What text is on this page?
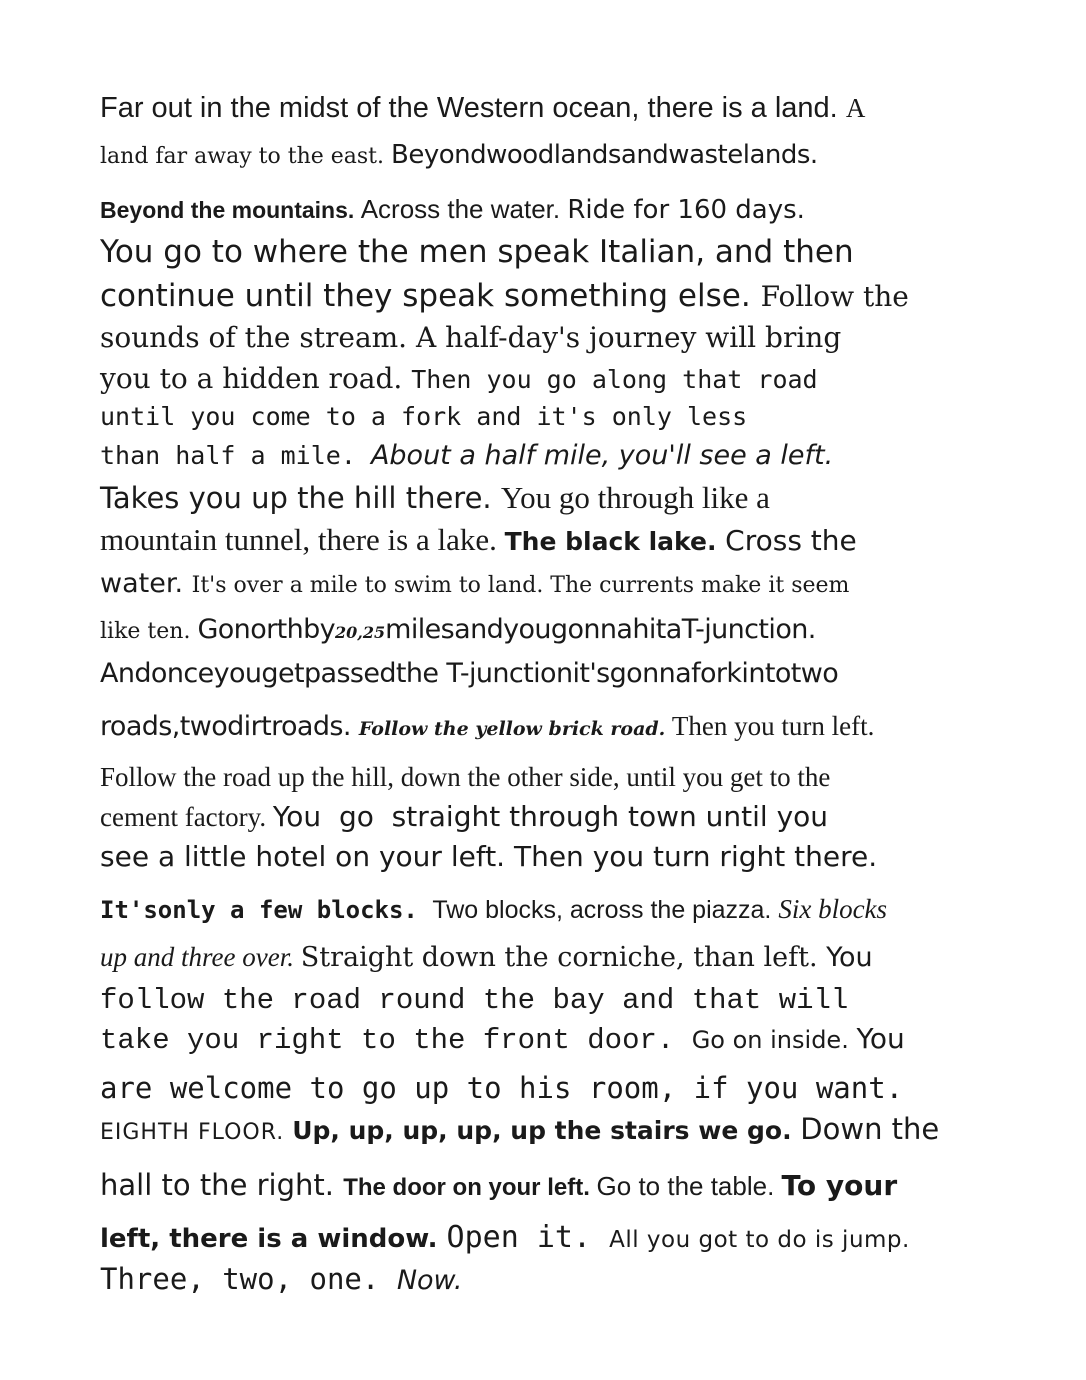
Far out in the midst of the Western ocean, there is a land. A
land far away to the east. Beyondwoodlandsandwastelands.
Beyond the mountains. Across the water. Ride for 160 days.
You go to where the men speak Italian, and then
continue until they speak something else. Follow the
sounds of the stream. A half-day's journey will bring
you to a hidden road. Then you go along that road
until you come to a fork and it's only less
than half a mile. About a half mile, you'll see a left.
Takes you up the hill there. You go through like a
mountain tunnel, there is a lake. The black lake. Cross the
water. It's over a mile to swim to land. The currents make it seem
like ten. Gonorthby20,25milesandyougonnahitaT-junction.
Andonceyougetpassedthe T-junctionit'sgonnaforkintotwo
roads,twodirtroads. Follow the yellow brick road. Then you turn left.
Follow the road up the hill, down the other side, until you get to the
cement factory. You  go  straight through town until you
see a little hotel on your left. Then you turn right there.
It'sonly a few blocks. Two blocks, across the piazza. Six blocks
up and three over. Straight down the corniche, than left. You
follow the road round the bay and that will
take you right to the front door. Go on inside. You
are welcome to go up to his room, if you want.
EIGHTH FLOOR. Up, up, up, up, up the stairs we go. Down the
hall to the right. The door on your left. Go to the table. To your
left, there is a window. Open it. All you got to do is jump.
Three, two, one. Now.
